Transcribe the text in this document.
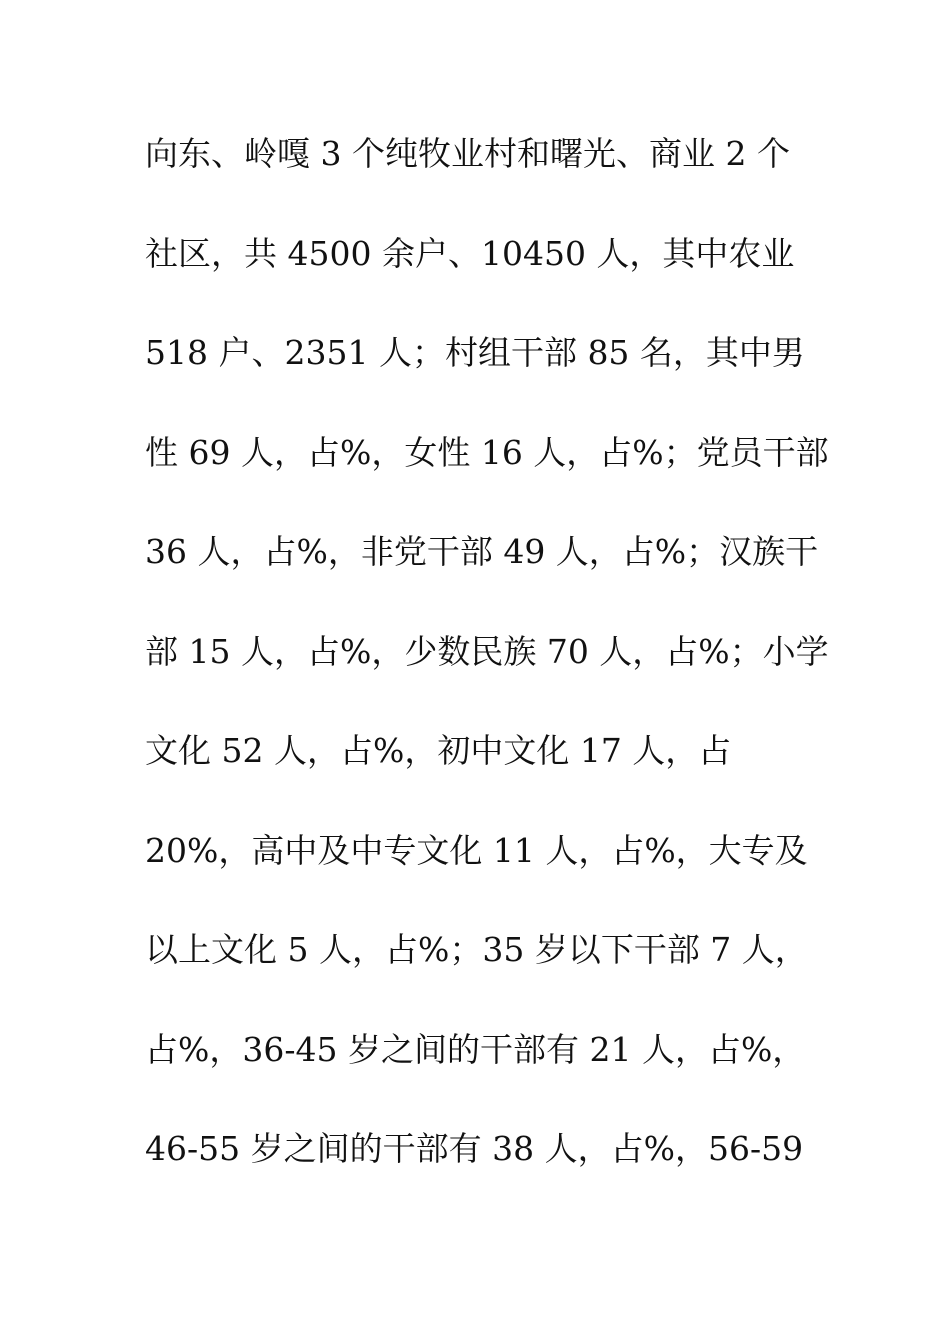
向东、岭嘎 3 个纯牧业村和曙光、商业 2 个
社区，共 4500 余户、10450 人，其中农业
518 户、2351 人；村组干部 85 名，其中男
性 69 人，占%，女性 16 人，占%；党员干部
36 人，占%，非党干部 49 人，占%；汉族干
部 15 人，占%，少数民族 70 人，占%；小学
文化 52 人，占%，初中文化 17 人，占
20%，高中及中专文化 11 人，占%，大专及
以上文化 5 人，占%；35 岁以下干部 7 人，
占%，36-45 岁之间的干部有 21 人，占%，
46-55 岁之间的干部有 38 人，占%，56-59
